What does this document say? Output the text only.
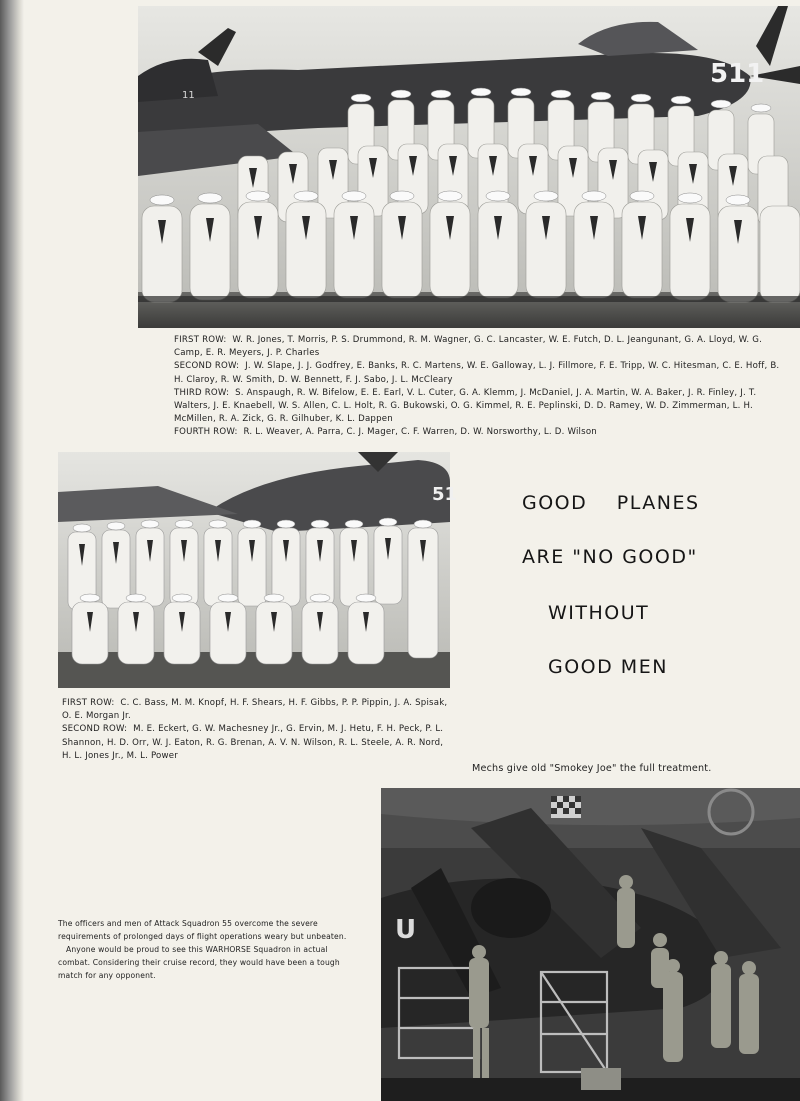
511
11
FIRST ROW:  W. R. Jones, T. Morris, P. S. Drummond, R. M. Wagner, G. C. Lancaster, W. E. Futch, D. L. Jeangunant, G. A. Lloyd, W. G. Camp, E. R. Meyers, J. P. Charles
SECOND ROW:  J. W. Slape, J. J. Godfrey, E. Banks, R. C. Martens, W. E. Galloway, L. J. Fillmore, F. E. Tripp, W. C. Hitesman, C. E. Hoff, B. H. Claroy, R. W. Smith, D. W. Bennett, F. J. Sabo, J. L. McCleary
THIRD ROW:  S. Anspaugh, R. W. Bifelow, E. E. Earl, V. L. Cuter, G. A. Klemm, J. McDaniel, J. A. Martin, W. A. Baker, J. R. Finley, J. T. Walters, J. E. Knaebell, W. S. Allen, C. L. Holt, R. G. Bukowski, O. G. Kimmel, R. E. Peplinski, D. D. Ramey, W. D. Zimmerman, L. H. McMillen, R. A. Zick, G. R. Gilhuber, K. L. Dappen
FOURTH ROW:  R. L. Weaver, A. Parra, C. J. Mager, C. F. Warren, D. W. Norsworthy, L. D. Wilson
51
FIRST ROW:  C. C. Bass, M. M. Knopf, H. F. Shears, H. F. Gibbs, P. P. Pippin, J. A. Spisak, O. E. Morgan Jr.
SECOND ROW:  M. E. Eckert, G. W. Machesney Jr., G. Ervin, M. J. Hetu, F. H. Peck, P. L. Shannon, H. D. Orr, W. J. Eaton, R. G. Brenan, A. V. N. Wilson, R. L. Steele, A. R. Nord, H. L. Jones Jr., M. L. Power
GOOD PLANES
ARE "NO GOOD"
WITHOUT
GOOD MEN
Mechs give old "Smokey Joe" the full treatment.
U

The officers and men of Attack Squadron 55 overcome the severe requirements of prolonged days of flight operations weary but unbeaten.

Anyone would be proud to see this WARHORSE Squadron in actual combat. Considering their cruise record, they would have been a tough match for any opponent.
